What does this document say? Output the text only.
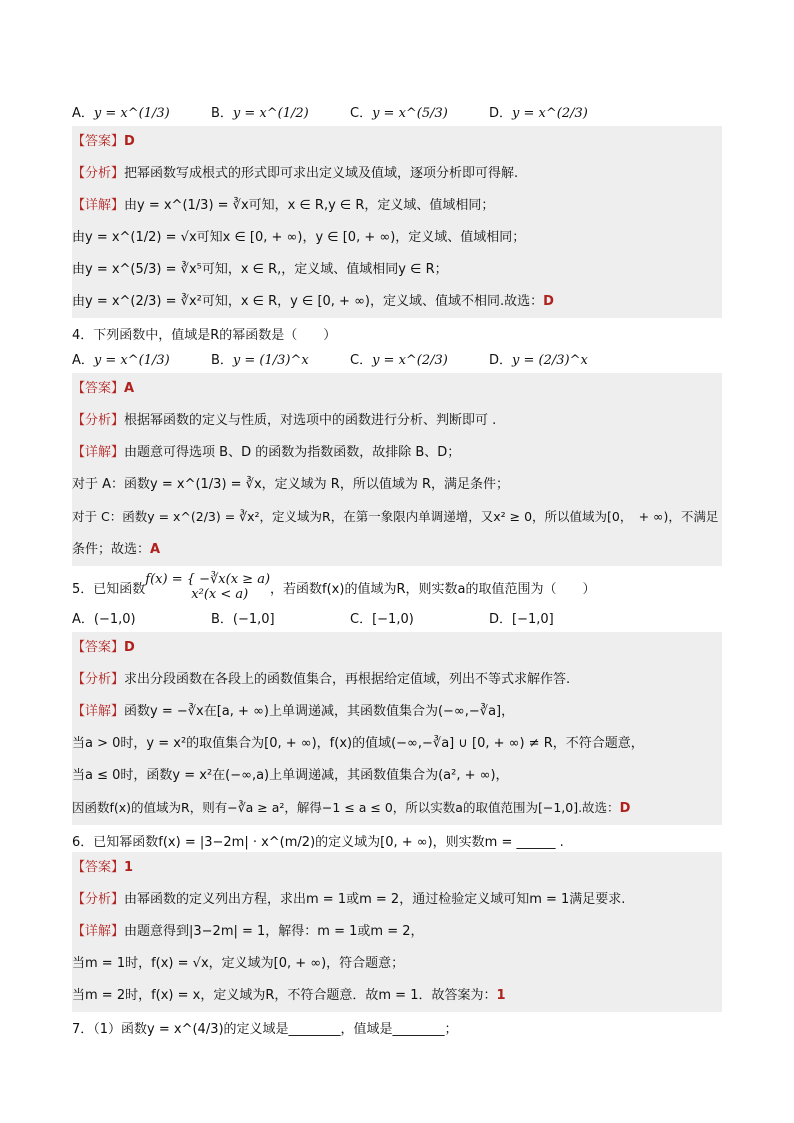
A．y = x^(1/3)	B．y = x^(1/2)	C．y = x^(5/3)	D．y = x^(2/3)
【答案】D
【分析】把幂函数写成根式的形式即可求出定义域及值域，逐项分析即可得解.
【详解】由y = x^(1/3) = ∛x可知，x ∈ R,y ∈ R，定义域、值域相同；
由y = x^(1/2) = √x可知x ∈ [0, + ∞)，y ∈ [0, + ∞)，定义域、值域相同；
由y = x^(5/3) = ∛x⁵可知，x ∈ R,，定义域、值域相同y ∈ R；
由y = x^(2/3) = ∛x²可知，x ∈ R，y ∈ [0, + ∞)，定义域、值域不相同.故选：D
4．下列函数中，值域是R的幂函数是（　　）
A．y = x^(1/3)	B．y = (1/3)^x	C．y = x^(2/3)	D．y = (2/3)^x
【答案】A
【分析】根据幂函数的定义与性质，对选项中的函数进行分析、判断即可 .
【详解】由题意可得选项 B、D 的函数为指数函数，故排除 B、D；
对于 A：函数y = x^(1/3) = ∛x，定义域为 R，所以值域为 R，满足条件；
对于 C：函数y = x^(2/3) = ∛x²，定义域为R，在第一象限内单调递增，又x² ≥ 0，所以值域为[0，　+ ∞)，不满足
条件；故选：A
5．已知函数
f(x) = { −∛x(x ≥ a)
x²(x < a)	，若函数f(x)的值域为R，则实数a的取值范围为（　　）
A．(−1,0)	B．(−1,0]	C．[−1,0)	D．[−1,0]
【答案】D
【分析】求出分段函数在各段上的函数值集合，再根据给定值域，列出不等式求解作答.
【详解】函数y = −∛x在[a, + ∞)上单调递减，其函数值集合为(−∞,−∛a]，
当a > 0时，y = x²的取值集合为[0, + ∞)，f(x)的值域(−∞,−∛a] ∪ [0, + ∞) ≠ R，不符合题意，
当a ≤ 0时，函数y = x²在(−∞,a)上单调递减，其函数值集合为(a², + ∞)，
因函数f(x)的值域为R，则有−∛a ≥ a²，解得−1 ≤ a ≤ 0，所以实数a的取值范围为[−1,0].故选：D
6．已知幂函数f(x) = |3−2m| · x^(m/2)的定义域为[0, + ∞)，则实数m = ______ .
【答案】1
【分析】由幂函数的定义列出方程，求出m = 1或m = 2，通过检验定义域可知m = 1满足要求.
【详解】由题意得到|3−2m| = 1，解得：m = 1或m = 2，
当m = 1时，f(x) = √x，定义域为[0, + ∞)，符合题意；
当m = 2时，f(x) = x，定义域为R，不符合题意．故m = 1．故答案为：1
7．（1）函数y = x^(4/3)的定义域是________，值域是________；
